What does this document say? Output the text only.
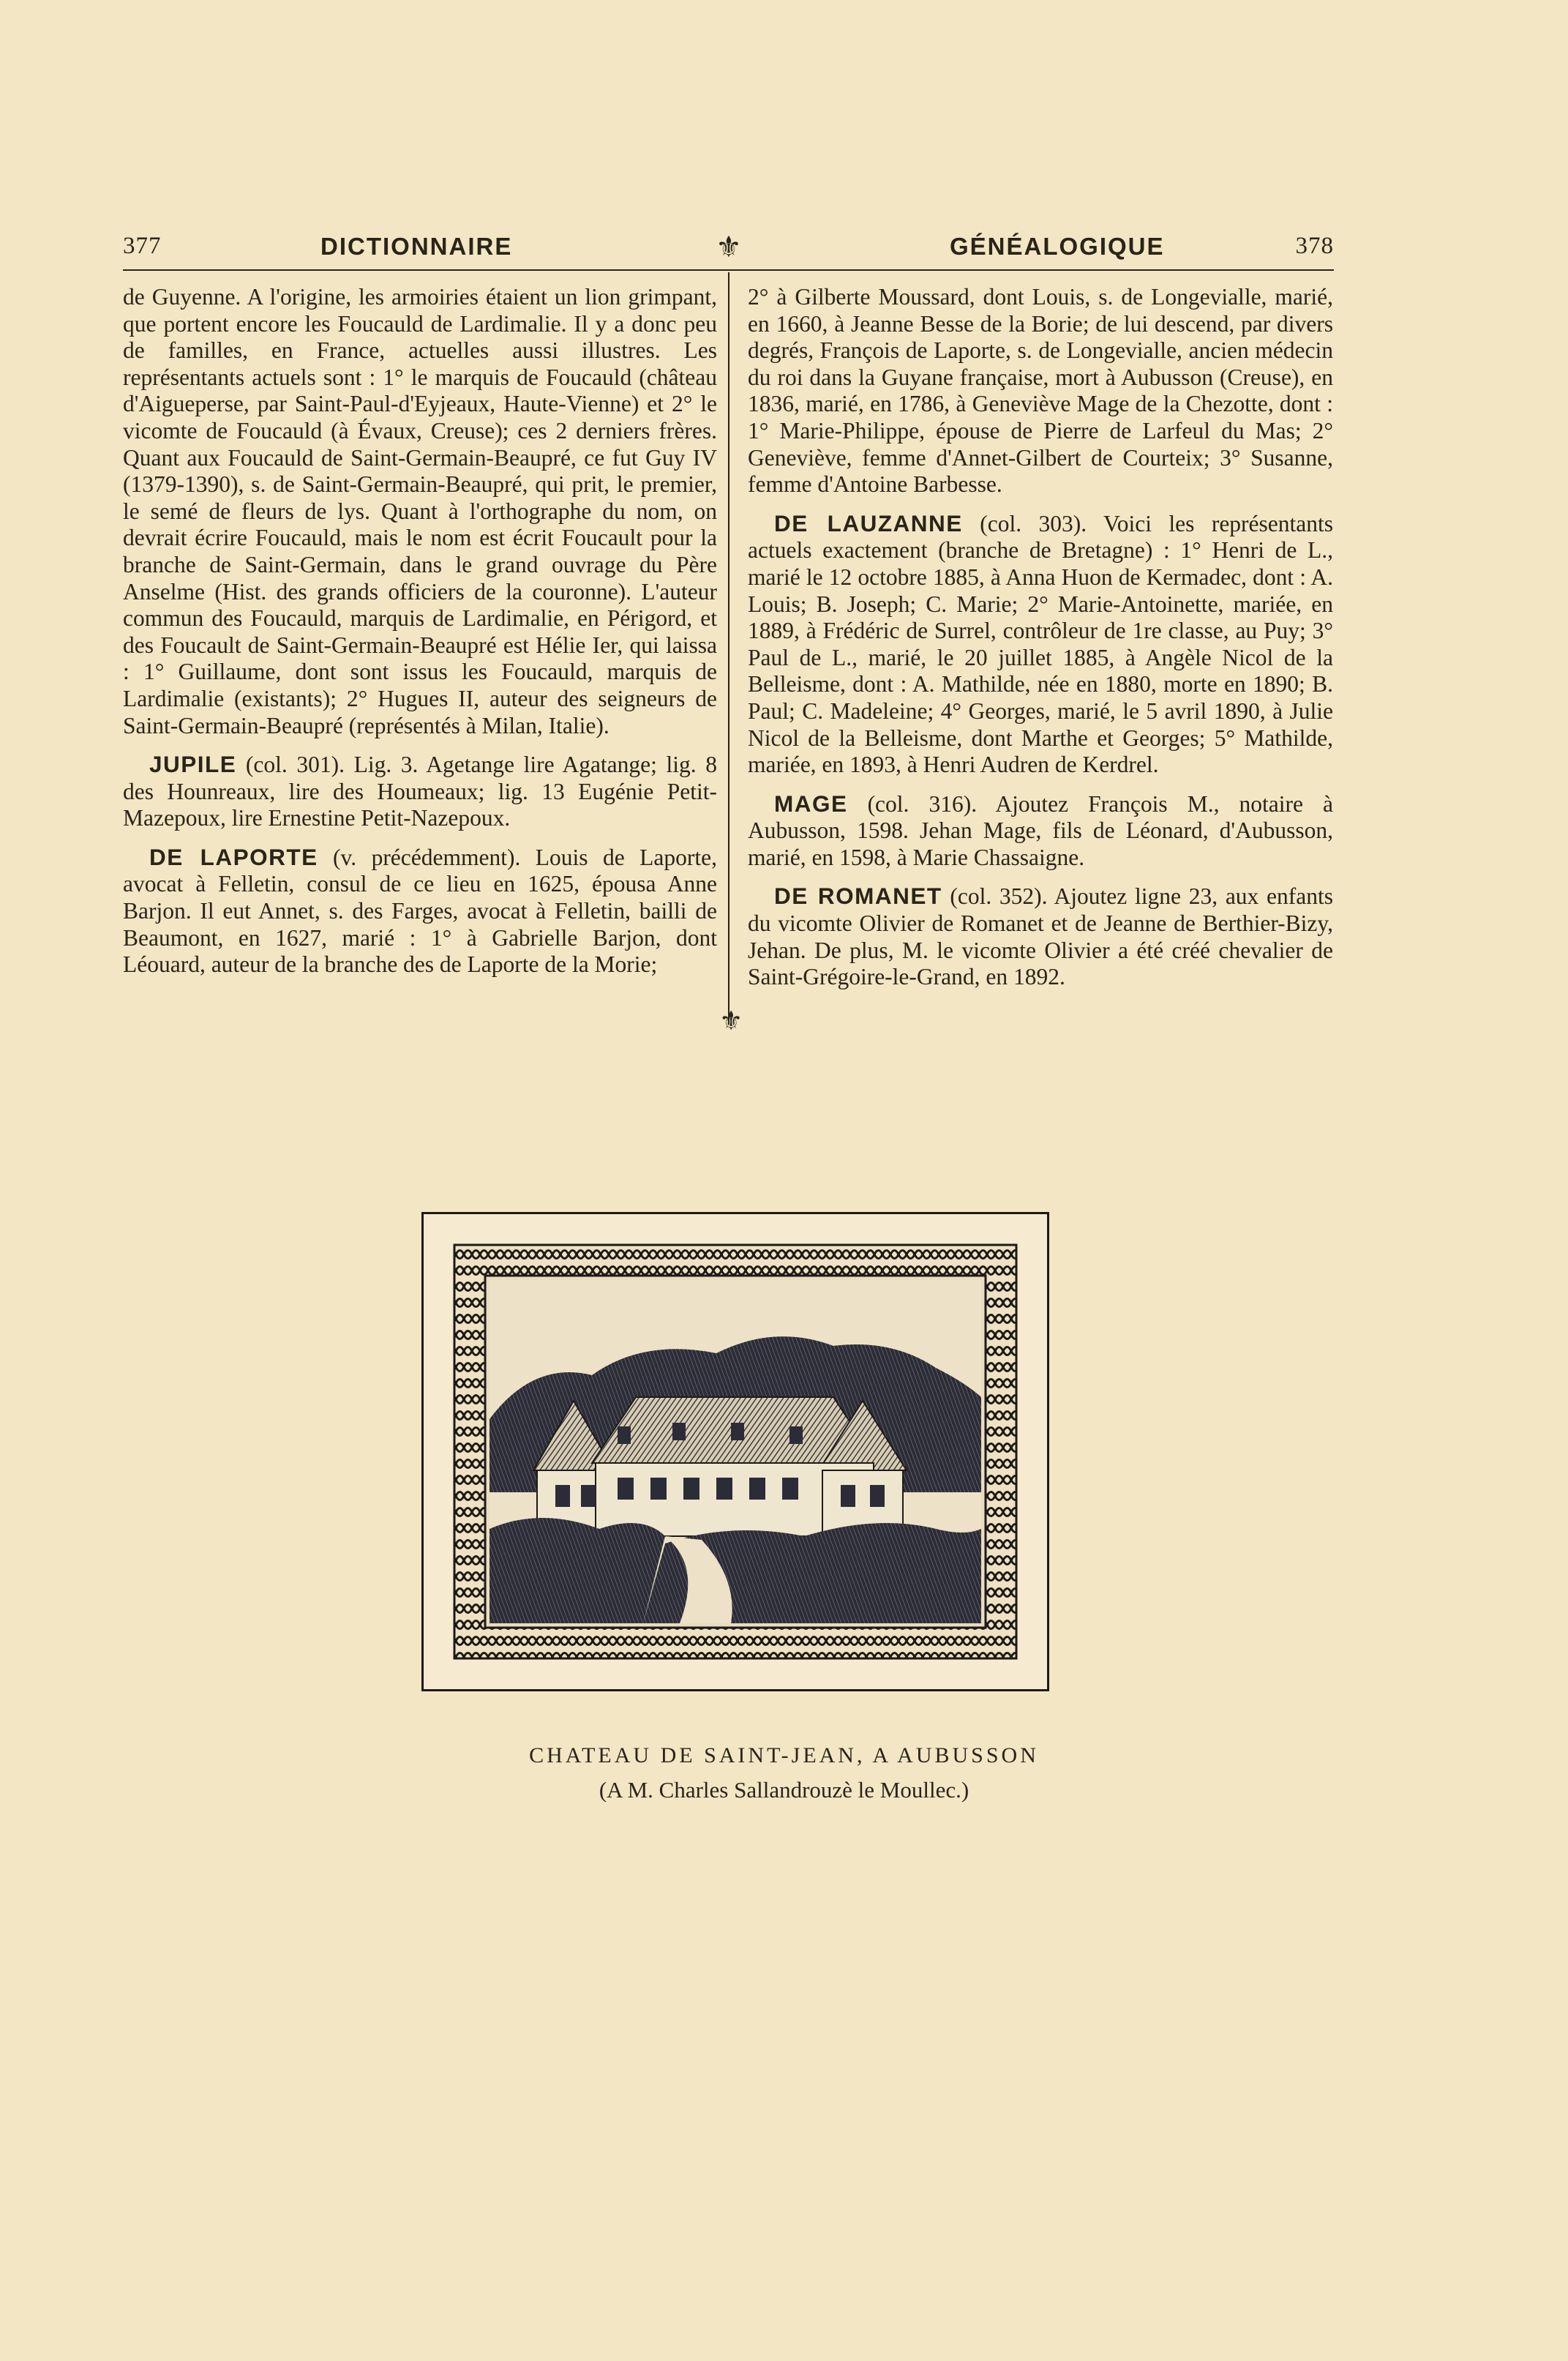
377	DICTIONNAIRE	⚜	GÉNÉALOGIQUE	378
⚜

de Guyenne. A l'origine, les armoiries étaient un lion grimpant, que portent encore les Foucauld de Lardimalie. Il y a donc peu de familles, en France, actuelles aussi illustres. Les représentants actuels sont : 1° le marquis de Foucauld (château d'Aigueperse, par Saint-Paul-d'Eyjeaux, Haute-Vienne) et 2° le vicomte de Foucauld (à Évaux, Creuse); ces 2 derniers frères. Quant aux Foucauld de Saint-Germain-Beaupré, ce fut Guy IV (1379-1390), s. de Saint-Germain-Beaupré, qui prit, le premier, le semé de fleurs de lys. Quant à l'orthographe du nom, on devrait écrire Foucauld, mais le nom est écrit Foucault pour la branche de Saint-Germain, dans le grand ouvrage du Père Anselme (Hist. des grands officiers de la couronne). L'auteur commun des Foucauld, marquis de Lardimalie, en Périgord, et des Foucault de Saint-Germain-Beaupré est Hélie Ier, qui laissa : 1° Guillaume, dont sont issus les Foucauld, marquis de Lardimalie (existants); 2° Hugues II, auteur des seigneurs de Saint-Germain-Beaupré (représentés à Milan, Italie).

JUPILE (col. 301). Lig. 3. Agetange lire Agatange; lig. 8 des Hounreaux, lire des Houmeaux; lig. 13 Eugénie Petit-Mazepoux, lire Ernestine Petit-Nazepoux.

DE LAPORTE (v. précédemment). Louis de Laporte, avocat à Felletin, consul de ce lieu en 1625, épousa Anne Barjon. Il eut Annet, s. des Farges, avocat à Felletin, bailli de Beaumont, en 1627, marié : 1° à Gabrielle Barjon, dont Léouard, auteur de la branche des de Laporte de la Morie;

2° à Gilberte Moussard, dont Louis, s. de Longevialle, marié, en 1660, à Jeanne Besse de la Borie; de lui descend, par divers degrés, François de Laporte, s. de Longevialle, ancien médecin du roi dans la Guyane française, mort à Aubusson (Creuse), en 1836, marié, en 1786, à Geneviève Mage de la Chezotte, dont : 1° Marie-Philippe, épouse de Pierre de Larfeul du Mas; 2° Geneviève, femme d'Annet-Gilbert de Courteix; 3° Susanne, femme d'Antoine Barbesse.

DE LAUZANNE (col. 303). Voici les représentants actuels exactement (branche de Bretagne) : 1° Henri de L., marié le 12 octobre 1885, à Anna Huon de Kermadec, dont : A. Louis; B. Joseph; C. Marie; 2° Marie-Antoinette, mariée, en 1889, à Frédéric de Surrel, contrôleur de 1re classe, au Puy; 3° Paul de L., marié, le 20 juillet 1885, à Angèle Nicol de la Belleisme, dont : A. Mathilde, née en 1880, morte en 1890; B. Paul; C. Madeleine; 4° Georges, marié, le 5 avril 1890, à Julie Nicol de la Belleisme, dont Marthe et Georges; 5° Mathilde, mariée, en 1893, à Henri Audren de Kerdrel.

MAGE (col. 316). Ajoutez François M., notaire à Aubusson, 1598. Jehan Mage, fils de Léonard, d'Aubusson, marié, en 1598, à Marie Chassaigne.

DE ROMANET (col. 352). Ajoutez ligne 23, aux enfants du vicomte Olivier de Romanet et de Jeanne de Berthier-Bizy, Jehan. De plus, M. le vicomte Olivier a été créé chevalier de Saint-Grégoire-le-Grand, en 1892.

CHATEAU DE SAINT-JEAN, A AUBUSSON
(A M. Charles Sallandrouzè le Moullec.)
